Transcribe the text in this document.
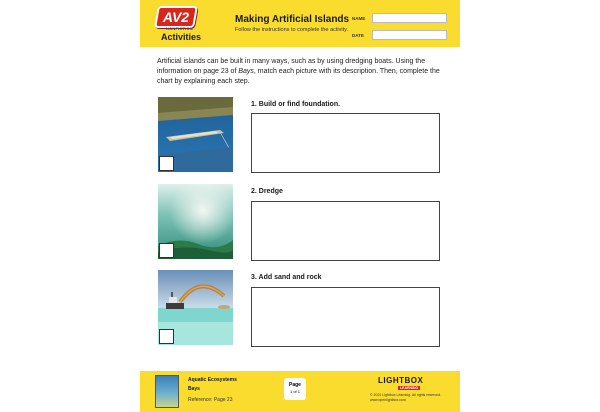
AV2
NONFICTION
Activities
Making Artificial Islands
Follow the instructions to complete the activity.
NAME
DATE

Artificial islands can be built in many ways, such as by using dredging boats. Using the information on page 23 of Bays, match each picture with its description. Then, complete the chart by explaining each step.

1. Build or find foundation.
2. Dredge
3. Add sand and rock
Aquatic Ecosystems
Bays
Reference: Page 23
Page
1 of 1
LIGHTBOX
LEARNING
© 2021 Lightbox Learning. All rights reserved.
www.openlightbox.com
